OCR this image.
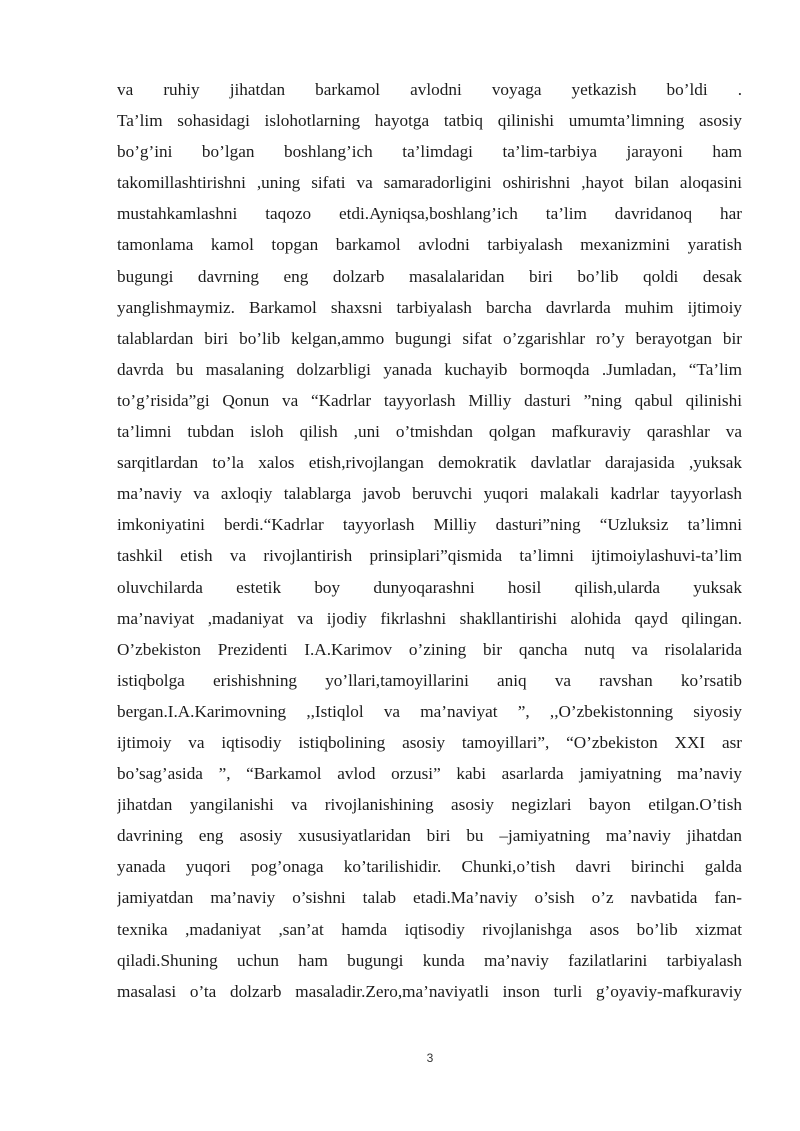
va ruhiy jihatdan barkamol avlodni voyaga yetkazish bo’ldi .
Ta’lim sohasidagi islohotlarning hayotga tatbiq qilinishi umumta’limning asosiy
bo’g’ini bo’lgan boshlang’ich ta’limdagi ta’lim-tarbiya jarayoni ham
takomillashtirishni ,uning sifati va samaradorligini oshirishni ,hayot bilan aloqasini
mustahkamlashni taqozo etdi.Ayniqsa,boshlang’ich ta’lim davridanoq har
tamonlama kamol topgan barkamol avlodni tarbiyalash mexanizmini yaratish
bugungi davrning eng dolzarb masalalaridan biri bo’lib qoldi desak
yanglishmaymiz. Barkamol shaxsni tarbiyalash barcha davrlarda muhim ijtimoiy
talablardan biri bo’lib kelgan,ammo bugungi sifat o’zgarishlar ro’y berayotgan bir
davrda bu masalaning dolzarbligi yanada kuchayib bormoqda .Jumladan, “Ta’lim
to’g’risida”gi Qonun va “Kadrlar tayyorlash Milliy dasturi ”ning qabul qilinishi
ta’limni tubdan isloh qilish ,uni o’tmishdan qolgan mafkuraviy qarashlar va
sarqitlardan to’la xalos etish,rivojlangan demokratik davlatlar darajasida ,yuksak
ma’naviy va axloqiy talablarga javob beruvchi yuqori malakali kadrlar tayyorlash
imkoniyatini berdi.“Kadrlar tayyorlash Milliy dasturi”ning “Uzluksiz ta’limni
tashkil etish va rivojlantirish prinsiplari”qismida ta’limni ijtimoiylashuvi-ta’lim
oluvchilarda estetik boy dunyoqarashni hosil qilish,ularda yuksak
ma’naviyat ,madaniyat va ijodiy fikrlashni shakllantirishi alohida qayd qilingan.
O’zbekiston Prezidenti I.A.Karimov o’zining bir qancha nutq va risolalarida
istiqbolga erishishning yo’llari,tamoyillarini aniq va ravshan ko’rsatib
bergan.I.A.Karimovning ,,Istiqlol va ma’naviyat ”, ,,O’zbekistonning siyosiy
ijtimoiy va iqtisodiy istiqbolining asosiy tamoyillari”, “O’zbekiston XXI asr
bo’sag’asida ”, “Barkamol avlod orzusi” kabi asarlarda jamiyatning ma’naviy
jihatdan yangilanishi va rivojlanishining asosiy negizlari bayon etilgan.O’tish
davrining eng asosiy xususiyatlaridan biri bu –jamiyatning ma’naviy jihatdan
yanada yuqori pog’onaga ko’tarilishidir. Chunki,o’tish davri birinchi galda
jamiyatdan ma’naviy o’sishni talab etadi.Ma’naviy o’sish o’z navbatida fan-
texnika ,madaniyat ,san’at hamda iqtisodiy rivojlanishga asos bo’lib xizmat
qiladi.Shuning uchun ham bugungi kunda ma’naviy fazilatlarini tarbiyalash
masalasi o’ta dolzarb masaladir.Zero,ma’naviyatli inson turli g’oyaviy-mafkuraviy
3
